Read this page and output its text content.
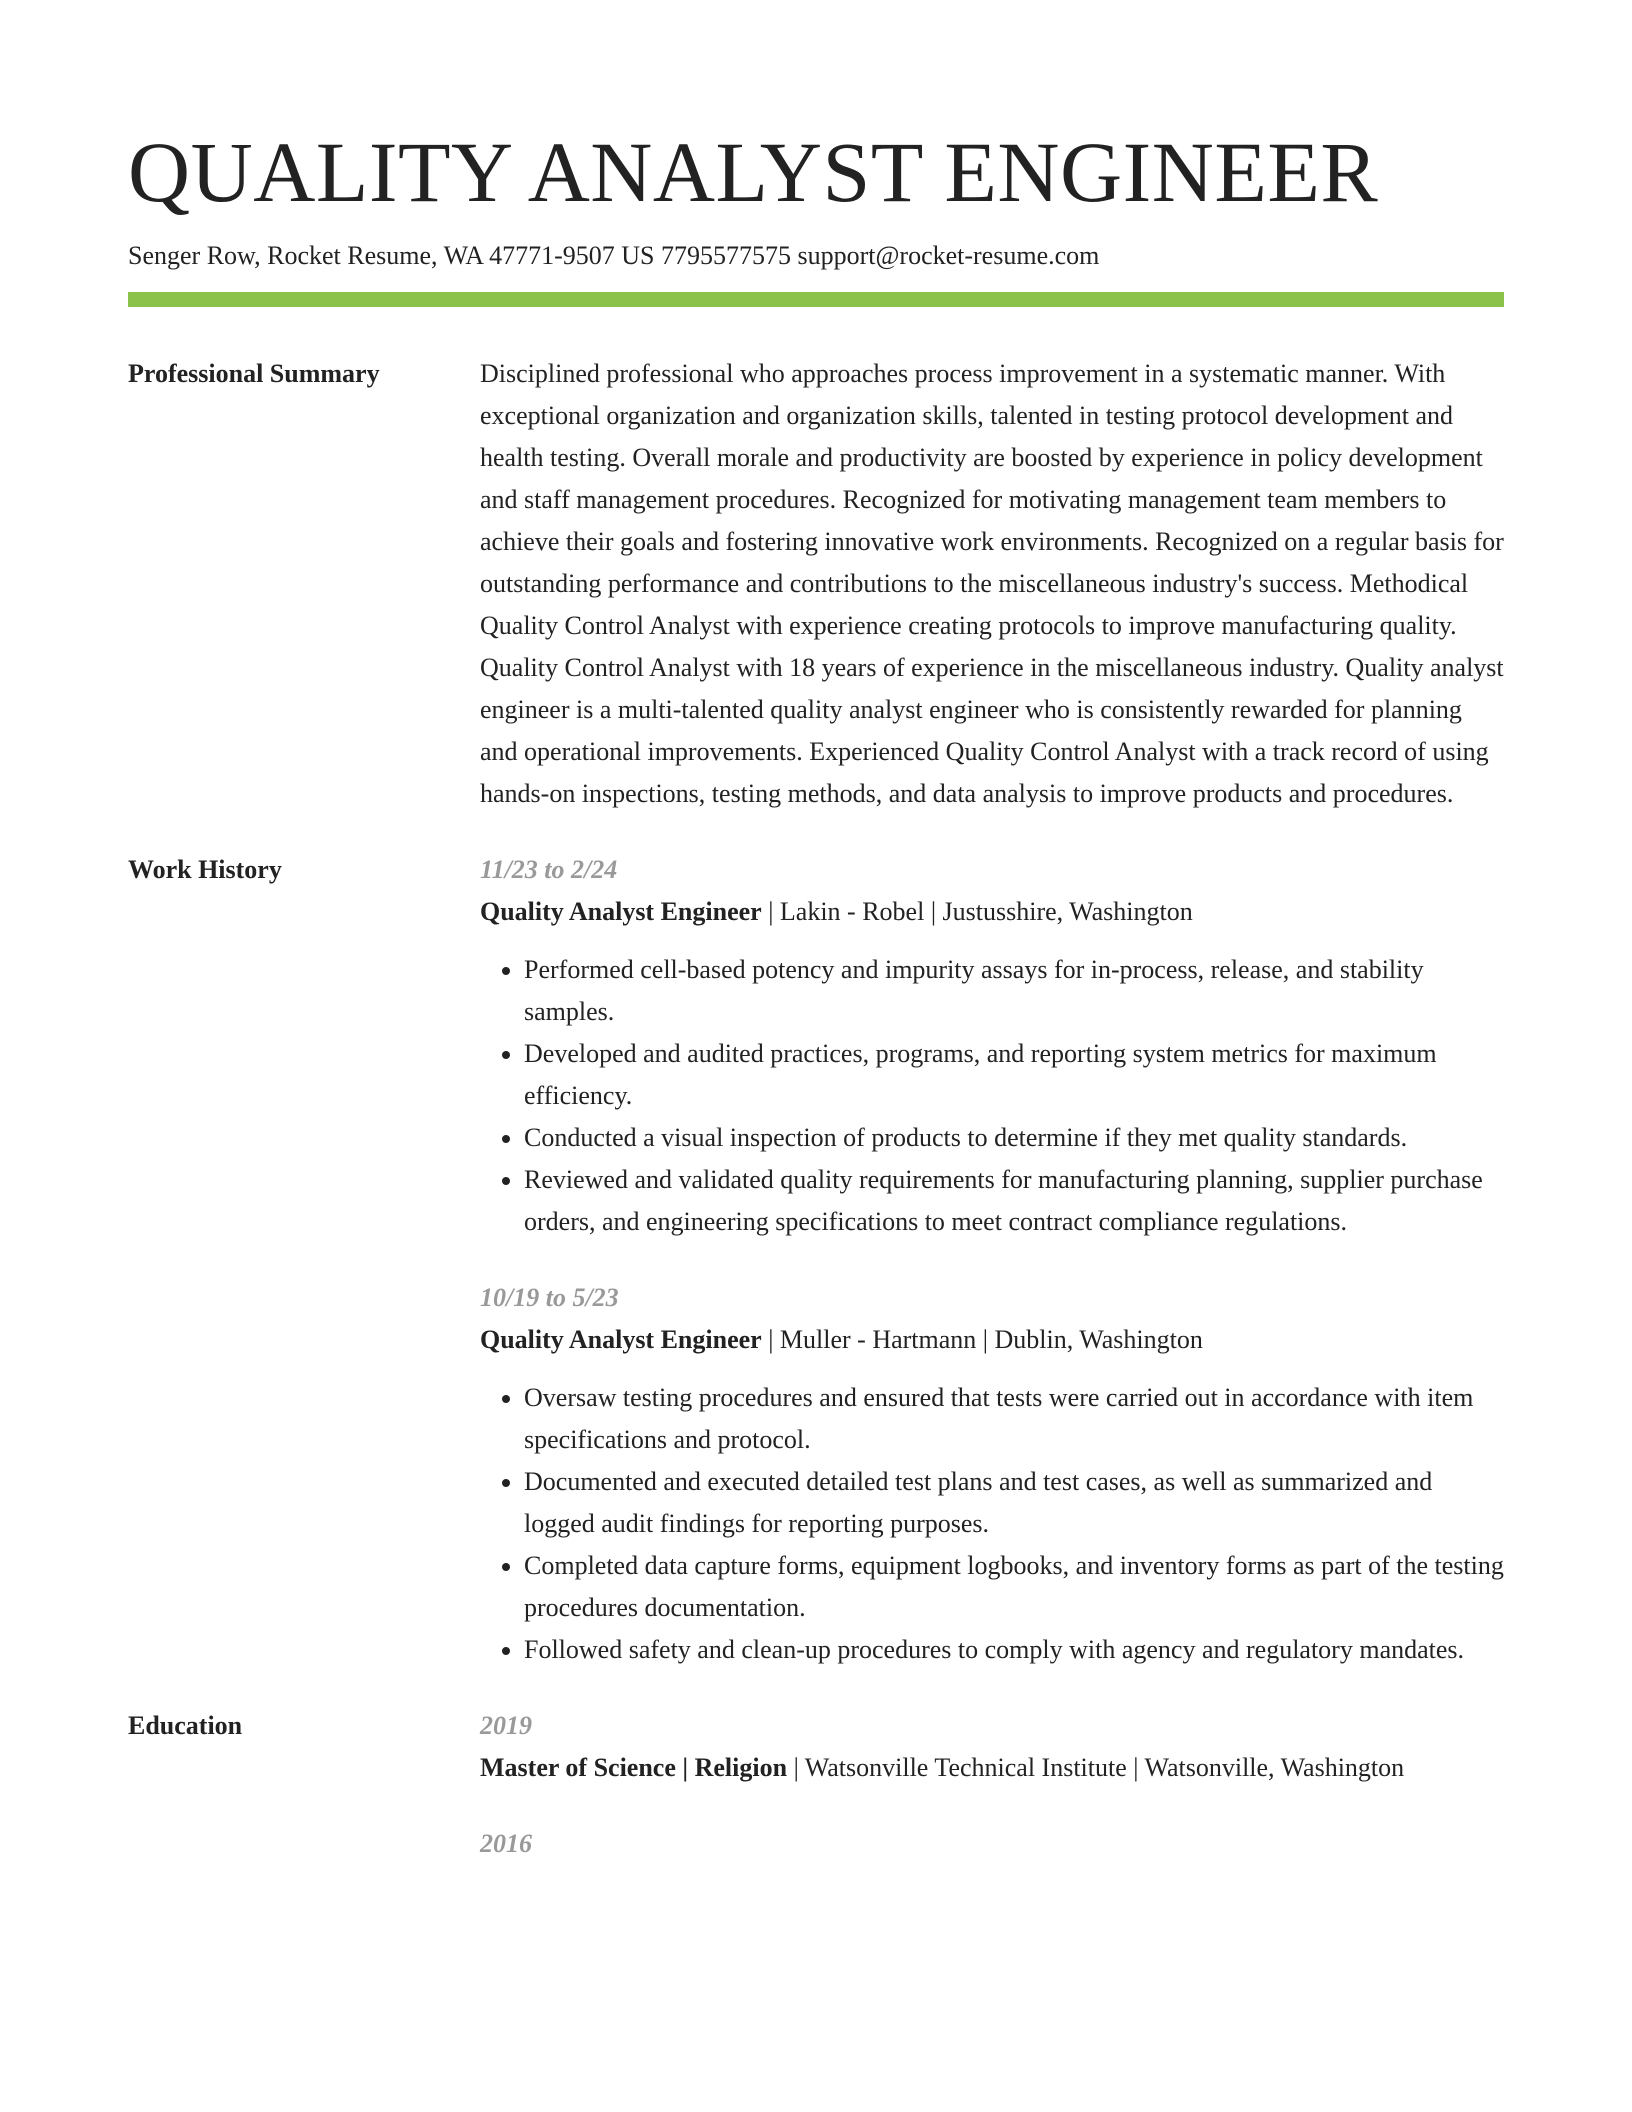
QUALITY ANALYST ENGINEER
Senger Row, Rocket Resume, WA 47771-9507 US 7795577575 support@rocket-resume.com
Professional Summary	Disciplined professional who approaches process improvement in a systematic manner. With exceptional organization and organization skills, talented in testing protocol development and health testing. Overall morale and productivity are boosted by experience in policy development and staff management procedures. Recognized for motivating management team members to achieve their goals and fostering innovative work environments. Recognized on a regular basis for outstanding performance and contributions to the miscellaneous industry's success. Methodical Quality Control Analyst with experience creating protocols to improve manufacturing quality. Quality Control Analyst with 18 years of experience in the miscellaneous industry. Quality analyst engineer is a multi-talented quality analyst engineer who is consistently rewarded for planning and operational improvements. Experienced Quality Control Analyst with a track record of using hands-on inspections, testing methods, and data analysis to improve products and procedures.

Work History	11/23 to 2/24
Quality Analyst Engineer | Lakin - Robel | Justusshire, Washington
• Performed cell-based potency and impurity assays for in-process, release, and stability samples.
• Developed and audited practices, programs, and reporting system metrics for maximum efficiency.
• Conducted a visual inspection of products to determine if they met quality standards.
• Reviewed and validated quality requirements for manufacturing planning, supplier purchase orders, and engineering specifications to meet contract compliance regulations.
10/19 to 5/23
Quality Analyst Engineer | Muller - Hartmann | Dublin, Washington
• Oversaw testing procedures and ensured that tests were carried out in accordance with item specifications and protocol.
• Documented and executed detailed test plans and test cases, as well as summarized and logged audit findings for reporting purposes.
• Completed data capture forms, equipment logbooks, and inventory forms as part of the testing procedures documentation.
• Followed safety and clean-up procedures to comply with agency and regulatory mandates.
Education	2019
Master of Science | Religion | Watsonville Technical Institute | Watsonville, Washington
2016
